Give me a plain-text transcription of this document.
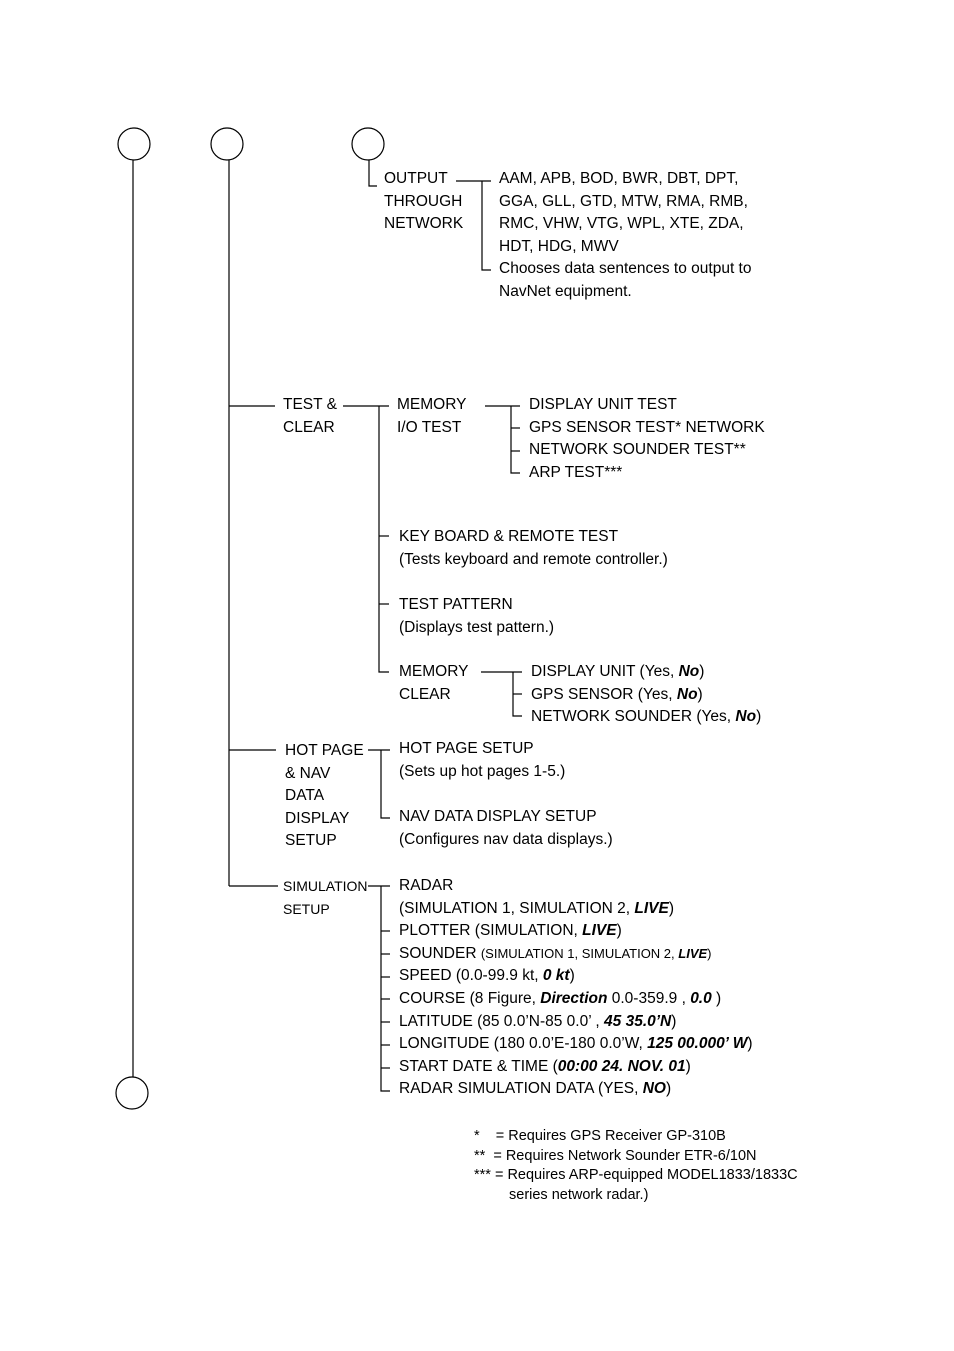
OUTPUT
THROUGH
NETWORK
AAM, APB, BOD, BWR, DBT, DPT,
GGA, GLL, GTD, MTW, RMA, RMB,
RMC, VHW, VTG, WPL, XTE, ZDA,
HDT, HDG, MWV
Chooses data sentences to output to
NavNet equipment.
TEST &
CLEAR
MEMORY
I/O TEST
DISPLAY UNIT TEST
GPS SENSOR TEST* NETWORK
NETWORK SOUNDER TEST**
ARP TEST***
KEY BOARD & REMOTE TEST
(Tests keyboard and remote controller.)
TEST PATTERN
(Displays test pattern.)
MEMORY
CLEAR
DISPLAY UNIT (Yes, No)
GPS SENSOR (Yes, No)
NETWORK SOUNDER (Yes, No)
HOT PAGE
& NAV
DATA
DISPLAY
SETUP
HOT PAGE SETUP
(Sets up hot pages 1-5.)
NAV DATA DISPLAY SETUP
(Configures nav data displays.)
SIMULATION
SETUP
RADAR
(SIMULATION 1, SIMULATION 2, LIVE)
PLOTTER (SIMULATION, LIVE)
SOUNDER (SIMULATION 1, SIMULATION 2, LIVE)
SPEED (0.0-99.9 kt, 0 kt)
COURSE (8 Figure, Direction 0.0-359.9 , 0.0 )
LATITUDE (85 0.0’N-85 0.0’ , 45 35.0’N)
LONGITUDE (180 0.0’E-180 0.0’W, 125 00.000’ W)
START DATE & TIME (00:00 24. NOV. 01)
RADAR SIMULATION DATA (YES, NO)
*    = Requires GPS Receiver GP-310B
**  = Requires Network Sounder ETR-6/10N
*** = Requires ARP-equipped MODEL1833/1833C
series network radar.)
